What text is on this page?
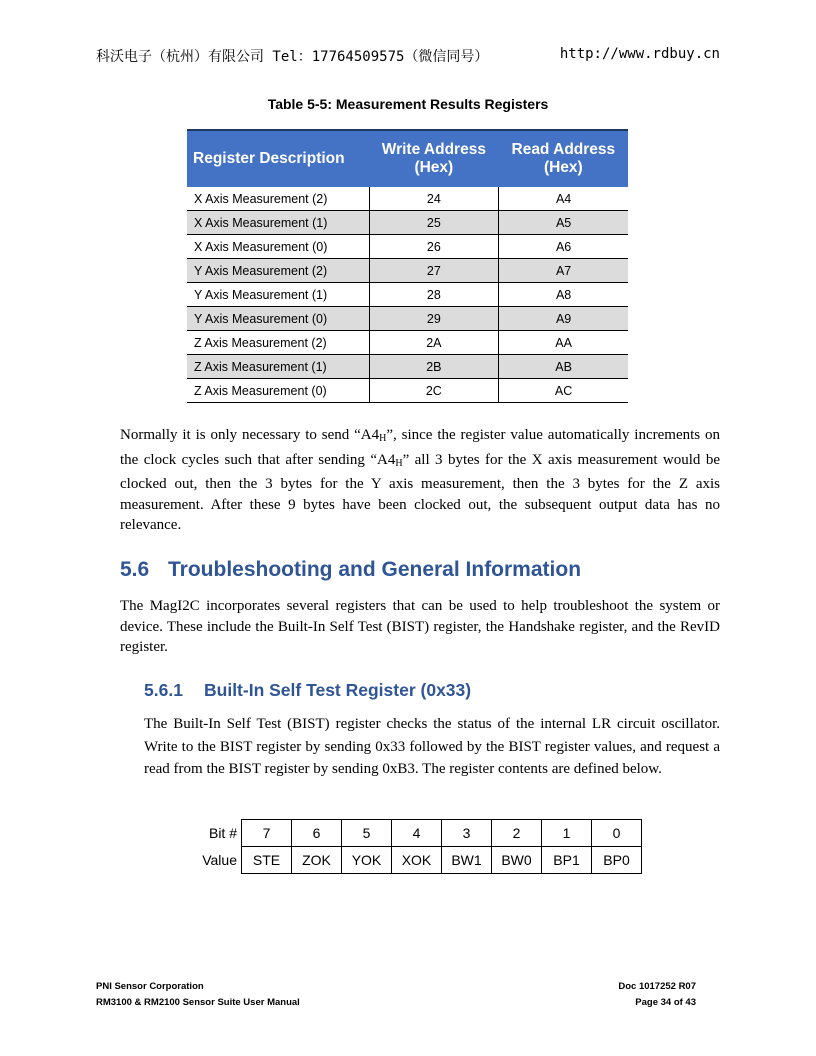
科沃电子（杭州）有限公司 Tel：17764509575（微信同号）	http://www.rdbuy.cn
Table 5-5: Measurement Results Registers
Register Description	Write Address (Hex)	Read Address (Hex)
X Axis Measurement (2)	24	A4
X Axis Measurement (1)	25	A5
X Axis Measurement (0)	26	A6
Y Axis Measurement (2)	27	A7
Y Axis Measurement (1)	28	A8
Y Axis Measurement (0)	29	A9
Z Axis Measurement (2)	2A	AA
Z Axis Measurement (1)	2B	AB
Z Axis Measurement (0)	2C	AC

Normally it is only necessary to send “$A4_H$”, since the register value automatically increments on the clock cycles such that after sending “$A4_H$” all 3 bytes for the X axis measurement would be clocked out, then the 3 bytes for the Y axis measurement, then the 3 bytes for the Z axis measurement. After these 9 bytes have been clocked out, the subsequent output data has no relevance.

5.6 Troubleshooting and General Information

The MagI2C incorporates several registers that can be used to help troubleshoot the system or device. These include the Built-In Self Test (BIST) register, the Handshake register, and the RevID register.

5.6.1 Built-In Self Test Register (0x33)

The Built-In Self Test (BIST) register checks the status of the internal LR circuit oscillator. Write to the BIST register by sending 0x33 followed by the BIST register values, and request a read from the BIST register by sending 0xB3. The register contents are defined below.

Bit #	7	6	5	4	3	2	1	0
Value	STE	ZOK	YOK	XOK	BW1	BW0	BP1	BP0
PNI Sensor Corporation
RM3100 & RM2100 Sensor Suite User Manual
Doc 1017252 R07
Page 34 of 43
